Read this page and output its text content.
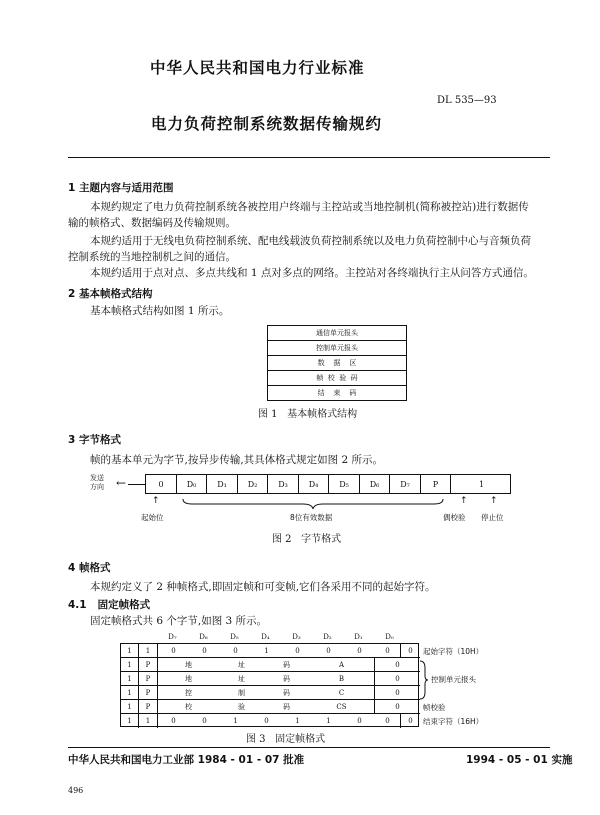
中华人民共和国电力行业标准
DL 535—93
电力负荷控制系统数据传输规约
1 主题内容与适用范围
本规约规定了电力负荷控制系统各被控用户终端与主控站或当地控制机(简称被控站)进行数据传
输的帧格式、数据编码及传输规则。
本规约适用于无线电负荷控制系统、配电线载波负荷控制系统以及电力负荷控制中心与音频负荷
控制系统的当地控制机之间的通信。
本规约适用于点对点、多点共线和 1 点对多点的网络。主控站对各终端执行主从问答方式通信。
2 基本帧格式结构
基本帧格式结构如图 1 所示。
通信单元报头
控制单元报头
数    据    区
帧  校  验  码
结    束    码
图 1   基本帧格式结构
3 字节格式
帧的基本单元为字节,按异步传输,其具体格式规定如图 2 所示。
发送
方向 ←	0	D₀	D₁	D₂	D₃	D₄	D₅	D₆	D₇	P	1
↑	↑ ↑
起始位	8位有效数据	偶校验 停止位
图 2   字节格式
4 帧格式
本规约定义了 2 种帧格式,即固定帧和可变帧,它们各采用不同的起始字符。
4.1   固定帧格式
固定帧格式共 6 个字节,如图 3 所示。
D₇	D₆	D₅	D₄	D₃	D₂	D₁	D₀
1	1	0	0	0	1	0	0	0	0	0
1	P	地	址	码	A	0
1	P	地	址	码	B	0
1	P	控	制	码	C	0
1	P	校	验	码	CS	0
1	1	0	0	1	0	1	1	0	0	0
起始字符（10H）
控制单元报头
帧校验
结束字符（16H）
图 3   固定帧格式
中华人民共和国电力工业部 1984 - 01 - 07 批准	1994 - 05 - 01 实施
496
